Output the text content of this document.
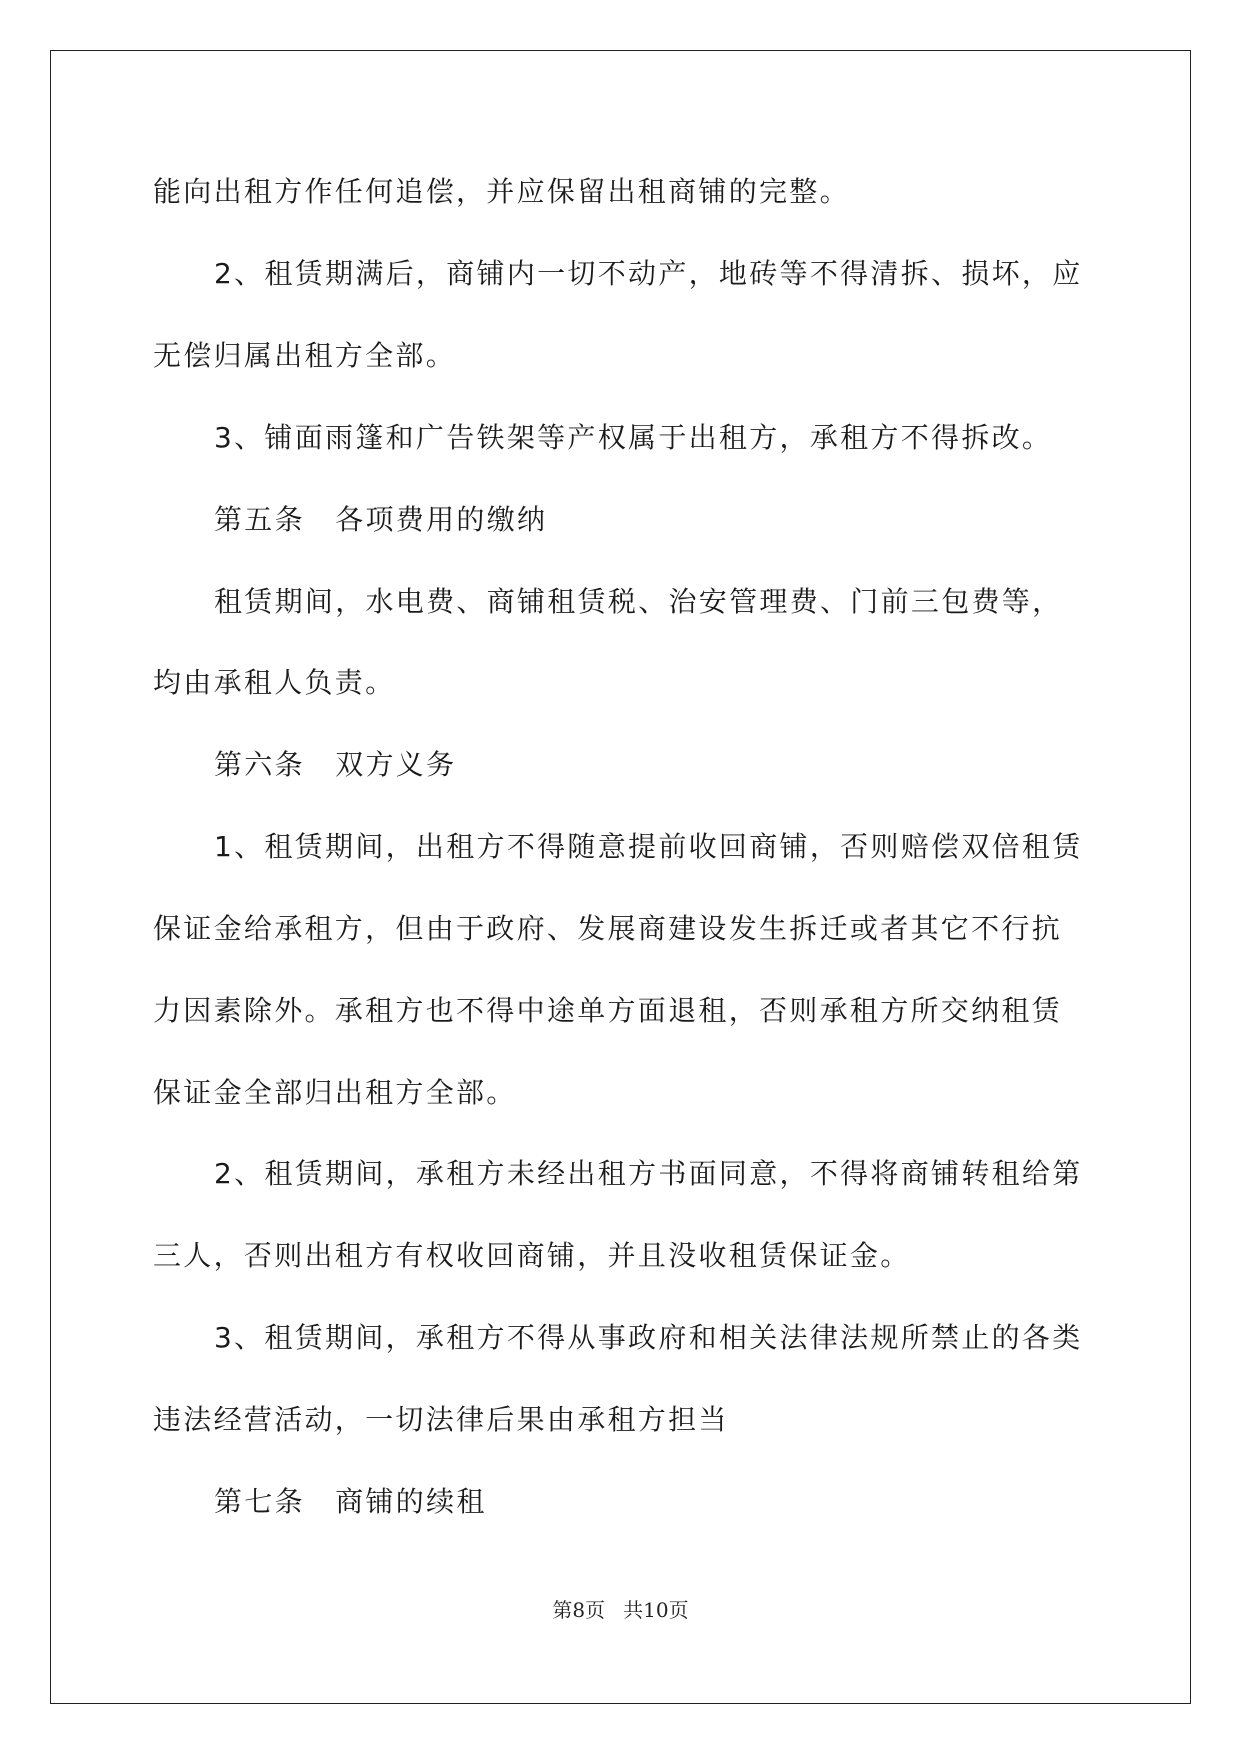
能向出租方作任何追偿，并应保留出租商铺的完整。
2、租赁期满后，商铺内一切不动产，地砖等不得清拆、损坏，应
无偿归属出租方全部。
3、铺面雨篷和广告铁架等产权属于出租方，承租方不得拆改。
第五条　各项费用的缴纳
租赁期间，水电费、商铺租赁税、治安管理费、门前三包费等，
均由承租人负责。
第六条　双方义务
1、租赁期间，出租方不得随意提前收回商铺，否则赔偿双倍租赁
保证金给承租方，但由于政府、发展商建设发生拆迁或者其它不行抗
力因素除外。承租方也不得中途单方面退租，否则承租方所交纳租赁
保证金全部归出租方全部。
2、租赁期间，承租方未经出租方书面同意，不得将商铺转租给第
三人，否则出租方有权收回商铺，并且没收租赁保证金。
3、租赁期间，承租方不得从事政府和相关法律法规所禁止的各类
违法经营活动，一切法律后果由承租方担当
第七条　商铺的续租
第8页 共10页
